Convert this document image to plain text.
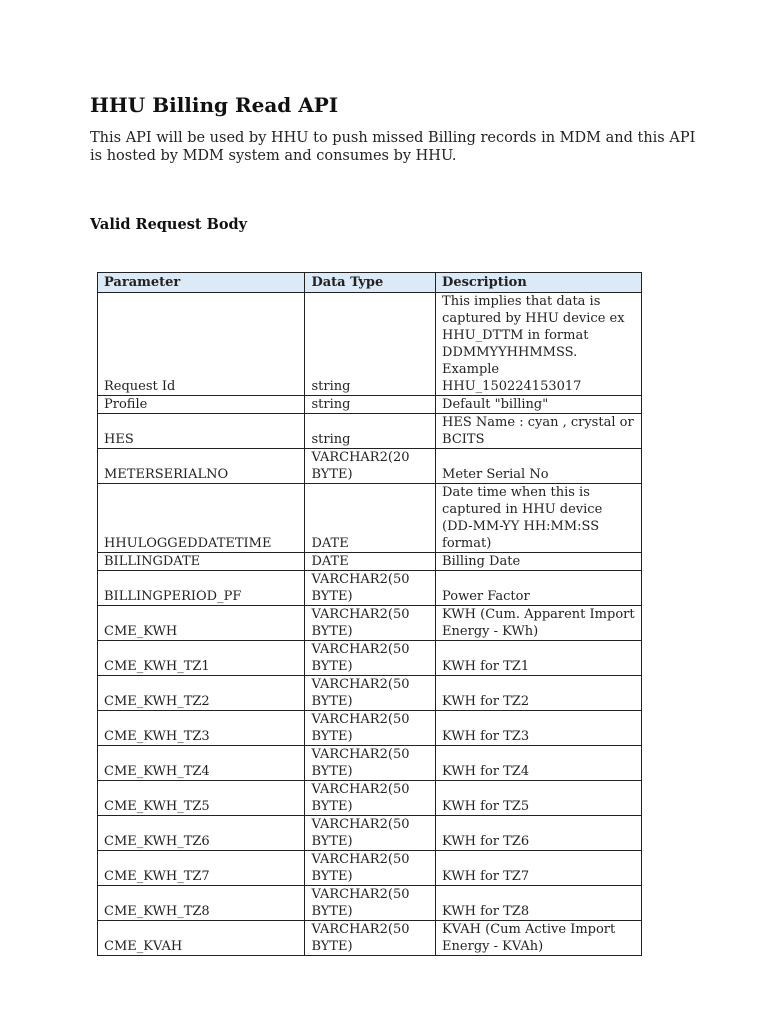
HHU Billing Read API

This API will be used by HHU to push missed Billing records in MDM and this API is hosted by MDM system and consumes by HHU.

Valid Request Body
Parameter	Data Type	Description
Request Id	string	This implies that data is captured by HHU device ex HHU_DTTM in format DDMMYYHHMMSS. Example HHU_150224153017
Profile	string	Default "billing"
HES	string	HES Name : cyan , crystal or BCITS
METERSERIALNO	VARCHAR2(20 BYTE)	Meter Serial No
HHULOGGEDDATETIME	DATE	Date time when this is captured in HHU device (DD-MM-YY HH:MM:SS format)
BILLINGDATE	DATE	Billing Date
BILLINGPERIOD_PF	VARCHAR2(50 BYTE)	Power Factor
CME_KWH	VARCHAR2(50 BYTE)	KWH (Cum. Apparent Import Energy - KWh)
CME_KWH_TZ1	VARCHAR2(50 BYTE)	KWH for TZ1
CME_KWH_TZ2	VARCHAR2(50 BYTE)	KWH for TZ2
CME_KWH_TZ3	VARCHAR2(50 BYTE)	KWH for TZ3
CME_KWH_TZ4	VARCHAR2(50 BYTE)	KWH for TZ4
CME_KWH_TZ5	VARCHAR2(50 BYTE)	KWH for TZ5
CME_KWH_TZ6	VARCHAR2(50 BYTE)	KWH for TZ6
CME_KWH_TZ7	VARCHAR2(50 BYTE)	KWH for TZ7
CME_KWH_TZ8	VARCHAR2(50 BYTE)	KWH for TZ8
CME_KVAH	VARCHAR2(50 BYTE)	KVAH (Cum Active Import Energy - KVAh)
